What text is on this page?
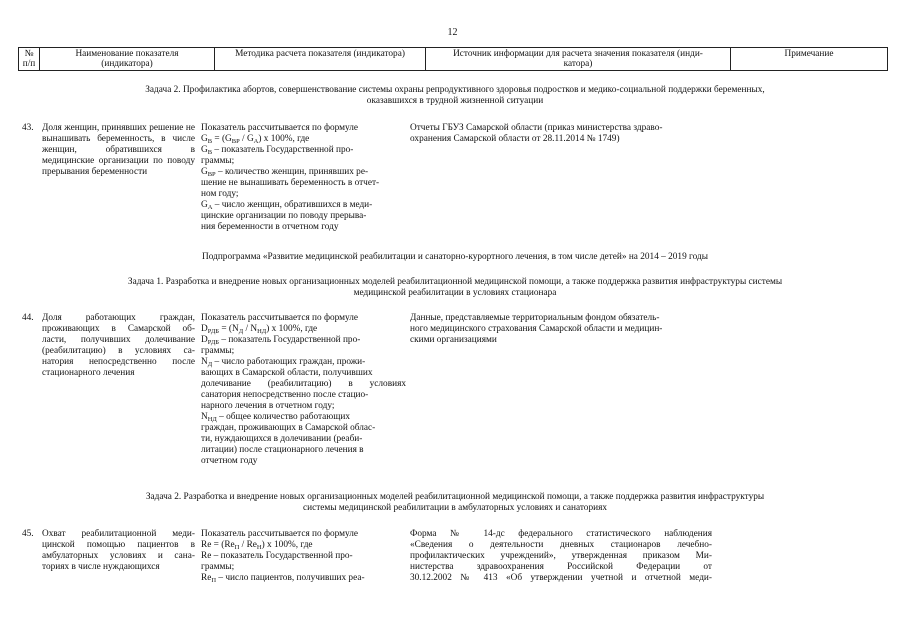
12
№
п/п
Наименование показателя
(индикатора)
Методика расчета показателя (индикатора)	Источник информации для расчета значения показателя (инди-
катора)
Примечание
Задача 2. Профилактика абортов, совершенствование системы охраны репродуктивного здоровья подростков и медико-социальной поддержки беременных,
оказавшихся в трудной жизненной ситуации
43. Доля женщин, принявших решение не вынашивать беременность, в числе женщин, обратившихся в медицинские организации по поводу прерывания беременности
Показатель рассчитывается по формуле
$G_В = (G_{ВР} / G_А)$ х 100%, где
$G_В$ – показатель Государственной про-
граммы;
$G_{ВР}$ – количество женщин, принявших ре-
шение не вынашивать беременность в отчет-
ном году;
$G_А$ – число женщин, обратившихся в меди-
цинские организации по поводу прерыва-
ния беременности в отчетном году
Отчеты ГБУЗ Самарской области (приказ министерства здраво-
охранения Самарской области от 28.11.2014 № 1749)
Подпрограмма «Развитие медицинской реабилитации и санаторно-курортного лечения, в том числе детей» на 2014 – 2019 годы
Задача 1. Разработка и внедрение новых организационных моделей реабилитационной медицинской помощи, а также поддержка развития инфраструктуры системы
медицинской реабилитации в условиях стационара
44. Доля работающих граждан,
проживающих в Самарской об-
ласти, получивших долечивание
(реабилитацию) в условиях са-
натория непосредственно после
стационарного лечения
Показатель рассчитывается по формуле
$D_{РДБ} = (N_Д / N_{НД})$ х 100%, где
$D_{РДБ}$ – показатель Государственной про-
граммы;
$N_Д$ – число работающих граждан, прожи-
вающих в Самарской области, получивших
долечивание (реабилитацию) в условиях
санатория непосредственно после стацио-
нарного лечения в отчетном году;
$N_{НД}$ – общее количество работающих
граждан, проживающих в Самарской облас-
ти, нуждающихся в долечивании (реаби-
литации) после стационарного лечения в
отчетном году
Данные, представляемые территориальным фондом обязатель-
ного медицинского страхования Самарской области и медицин-
скими организациями
Задача 2. Разработка и внедрение новых организационных моделей реабилитационной медицинской помощи, а также поддержка развития инфраструктуры
системы медицинской реабилитации в амбулаторных условиях и санаториях
45. Охват реабилитационной меди-
цинской помощью пациентов в
амбулаторных условиях и сана-
ториях в числе нуждающихся
Показатель рассчитывается по формуле
$Re = (Re_П / Re_Н)$ х 100%, где
Re – показатель Государственной про-
граммы;
$Re_П$ – число пациентов, получивших реа-
Форма № 14-дс федерального статистического наблюдения
«Сведения о деятельности дневных стационаров лечебно-
профилактических учреждений», утвержденная приказом Ми-
нистерства здравоохранения Российской Федерации от
30.12.2002 № 413 «Об утверждении учетной и отчетной меди-
